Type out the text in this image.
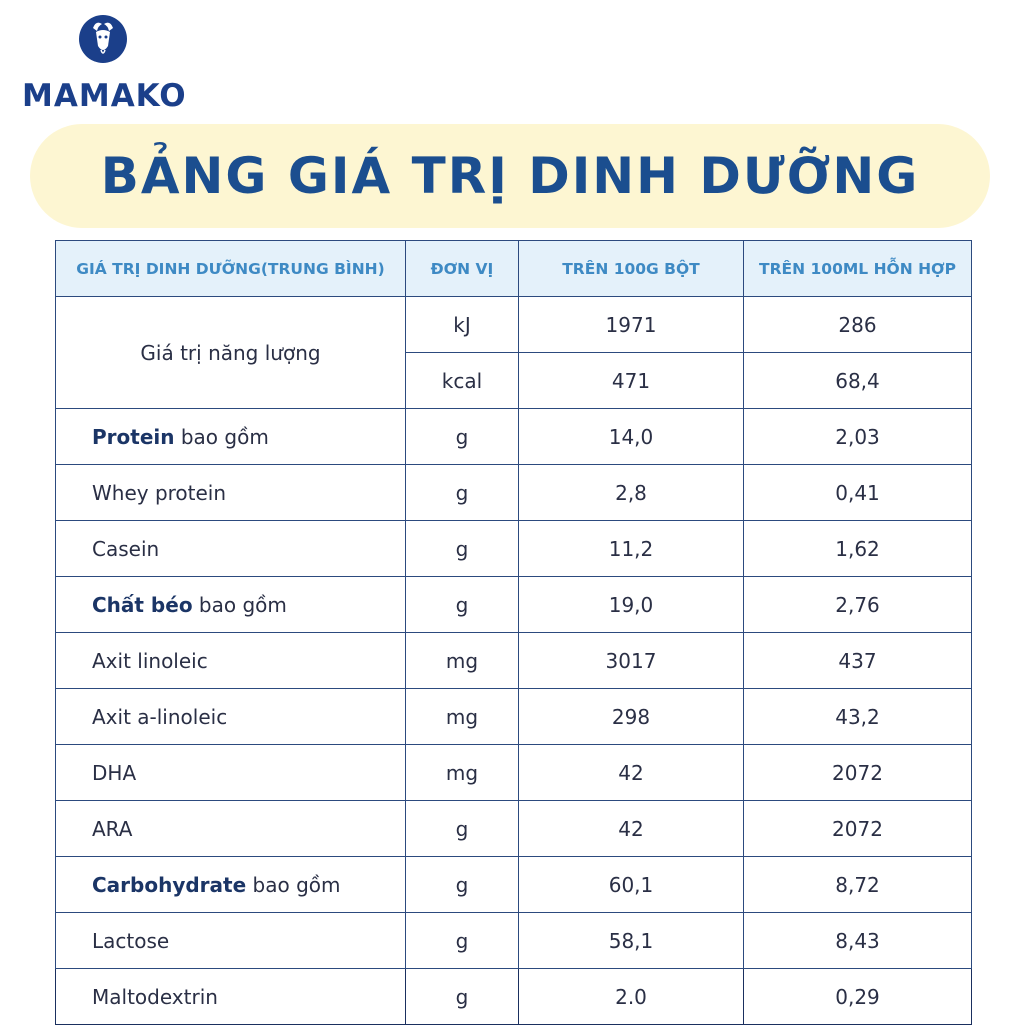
MAMAKO
BẢNG GIÁ TRỊ DINH DƯỠNG
GIÁ TRỊ DINH DƯỠNG(TRUNG BÌNH)	ĐƠN VỊ	TRÊN 100G BỘT	TRÊN 100ML HỖN HỢP
Giá trị năng lượng	kJ	1971	286
	kcal	471	68,4
Protein bao gồm	g	14,0	2,03
Whey protein	g	2,8	0,41
Casein	g	11,2	1,62
Chất béo bao gồm	g	19,0	2,76
Axit linoleic	mg	3017	437
Axit a-linoleic	mg	298	43,2
DHA	mg	42	2072
ARA	g	42	2072
Carbohydrate bao gồm	g	60,1	8,72
Lactose	g	58,1	8,43
Maltodextrin	g	2.0	0,29
